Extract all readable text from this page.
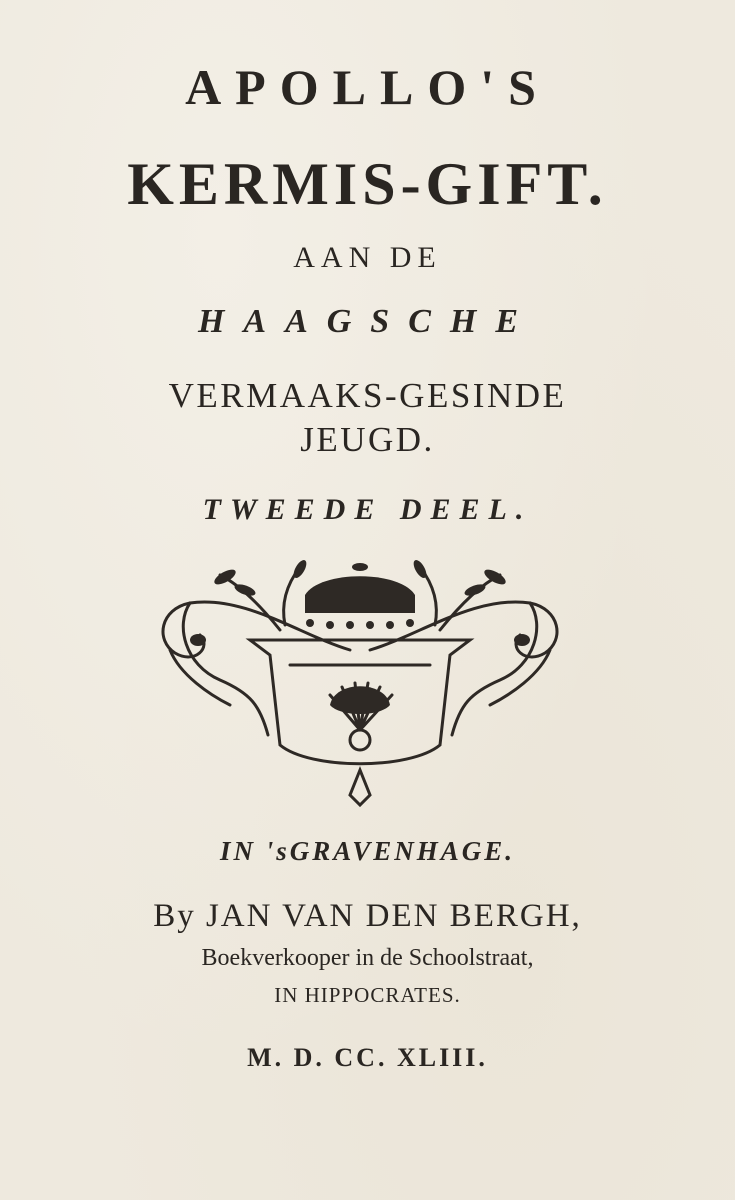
APOLLO'S
KERMIS-GIFT.
AAN DE
HAAGSCHE
VERMAAKS-GESINDE
JEUGD.
TWEEDE DEEL.
IN 'sGRAVENHAGE.
By JAN VAN DEN BERGH,
Boekverkooper in de Schoolstraat,
IN HIPPOCRATES.
M. D. CC. XLIII.
